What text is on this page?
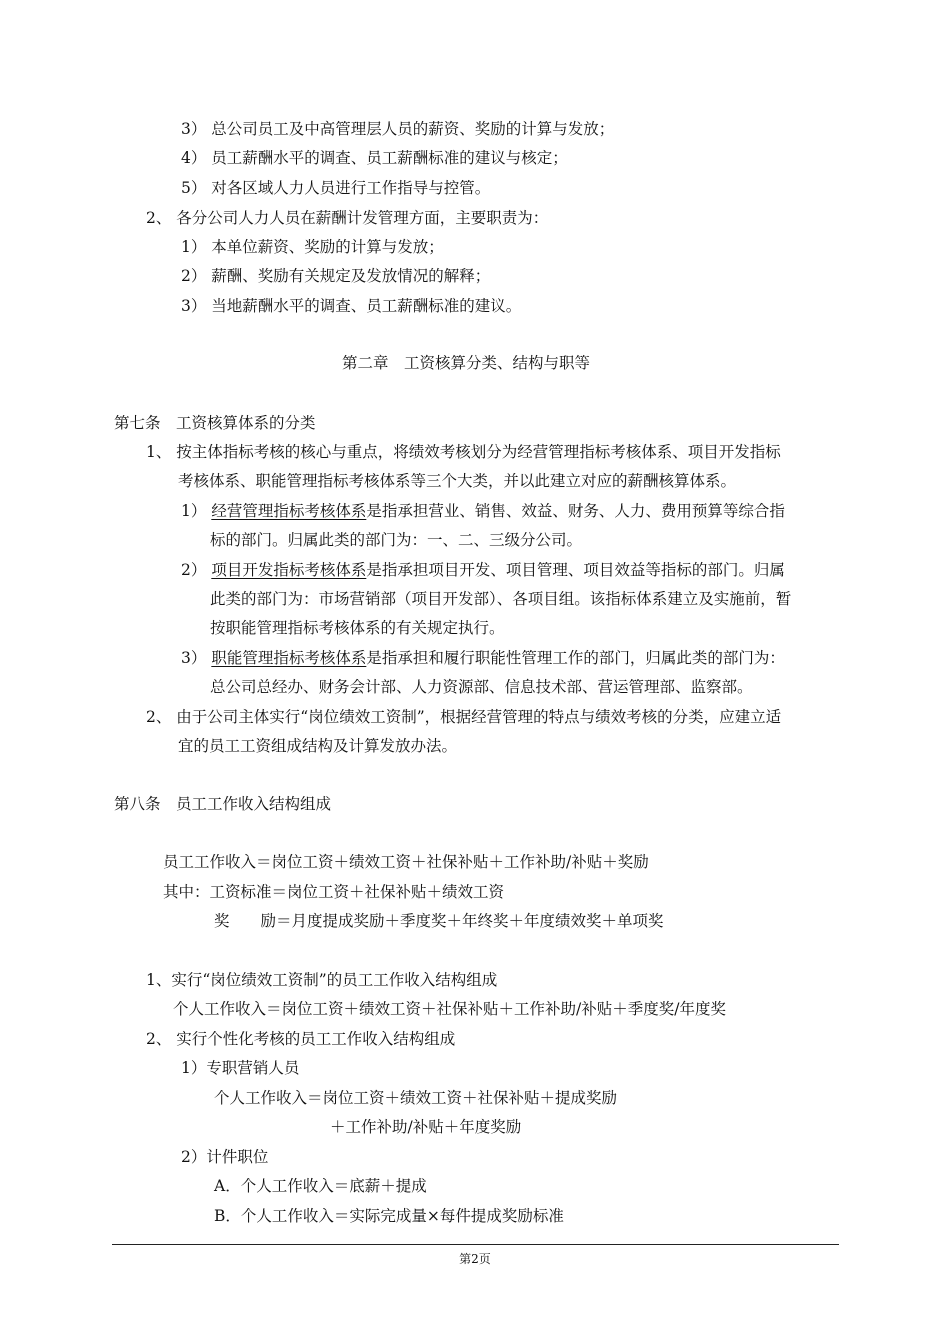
3） 总公司员工及中高管理层人员的薪资、奖励的计算与发放；
4） 员工薪酬水平的调查、员工薪酬标准的建议与核定；
5） 对各区域人力人员进行工作指导与控管。
2、 各分公司人力人员在薪酬计发管理方面，主要职责为：
1） 本单位薪资、奖励的计算与发放；
2） 薪酬、奖励有关规定及发放情况的解释；
3） 当地薪酬水平的调查、员工薪酬标准的建议。
第二章　工资核算分类、结构与职等
第七条　工资核算体系的分类
1、 按主体指标考核的核心与重点，将绩效考核划分为经营管理指标考核体系、项目开发指标
考核体系、职能管理指标考核体系等三个大类，并以此建立对应的薪酬核算体系。
1） 经营管理指标考核体系是指承担营业、销售、效益、财务、人力、费用预算等综合指
标的部门。归属此类的部门为：一、二、三级分公司。
2） 项目开发指标考核体系是指承担项目开发、项目管理、项目效益等指标的部门。归属
此类的部门为：市场营销部（项目开发部）、各项目组。该指标体系建立及实施前，暂
按职能管理指标考核体系的有关规定执行。
3） 职能管理指标考核体系是指承担和履行职能性管理工作的部门，归属此类的部门为：
总公司总经办、财务会计部、人力资源部、信息技术部、营运管理部、监察部。
2、 由于公司主体实行“岗位绩效工资制”，根据经营管理的特点与绩效考核的分类，应建立适
宜的员工工资组成结构及计算发放办法。
第八条　员工工作收入结构组成
员工工作收入＝岗位工资＋绩效工资＋社保补贴＋工作补助/补贴＋奖励
其中：工资标准＝岗位工资＋社保补贴＋绩效工资
奖　　励＝月度提成奖励＋季度奖＋年终奖＋年度绩效奖＋单项奖
1、实行“岗位绩效工资制”的员工工作收入结构组成
个人工作收入＝岗位工资＋绩效工资＋社保补贴＋工作补助/补贴＋季度奖/年度奖
2、 实行个性化考核的员工工作收入结构组成
1）专职营销人员
个人工作收入＝岗位工资＋绩效工资＋社保补贴＋提成奖励
＋工作补助/补贴＋年度奖励
2）计件职位
A．个人工作收入＝底薪＋提成
B．个人工作收入＝实际完成量×每件提成奖励标准
第2页
